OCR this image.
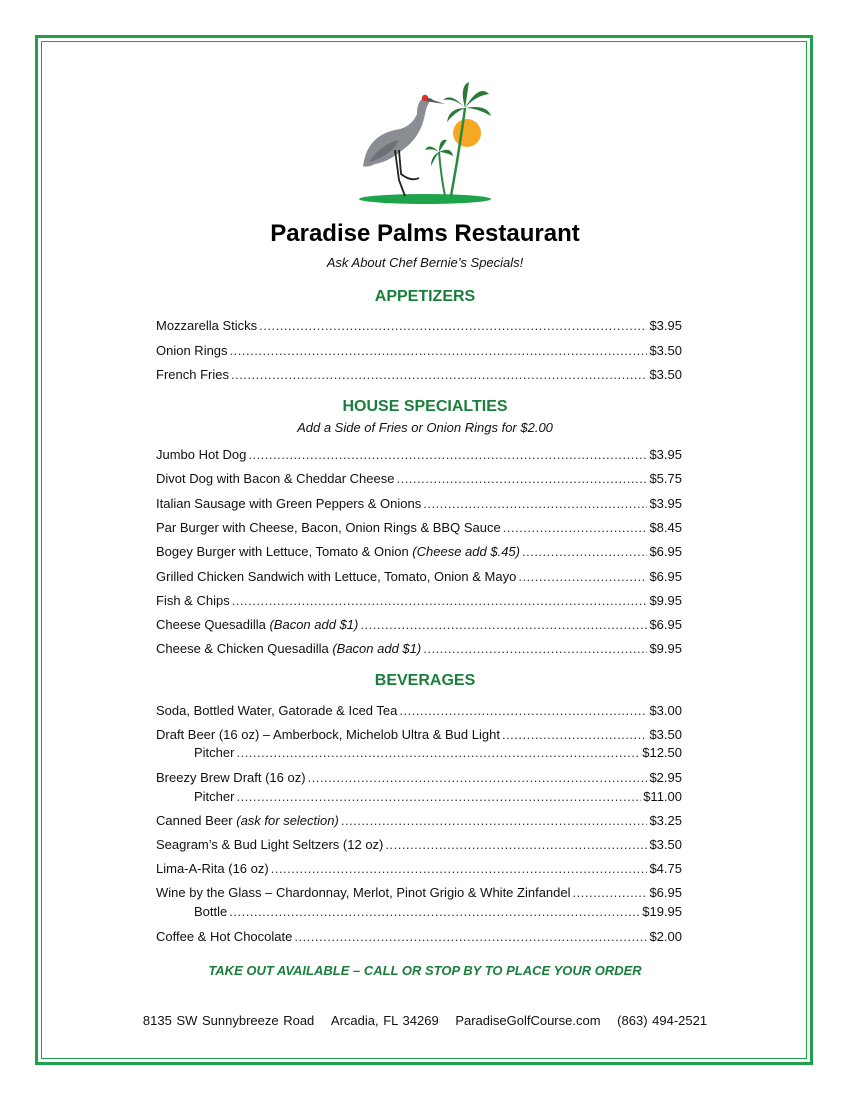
Paradise Palms Restaurant
Ask About Chef Bernie’s Specials!
APPETIZERS
Mozzarella Sticks .....	$3.95
Onion Rings .....	$3.50
French Fries .....	$3.50
HOUSE SPECIALTIES
Add a Side of Fries or Onion Rings for $2.00
Jumbo Hot Dog .....	$3.95
Divot Dog with Bacon & Cheddar Cheese .....	$5.75
Italian Sausage with Green Peppers & Onions .....	$3.95
Par Burger with Cheese, Bacon, Onion Rings & BBQ Sauce .....	$8.45
Bogey Burger with Lettuce, Tomato & Onion (Cheese add $.45) .....	$6.95
Grilled Chicken Sandwich with Lettuce, Tomato, Onion & Mayo .....	$6.95
Fish & Chips .....	$9.95
Cheese Quesadilla (Bacon add $1) .....	$6.95
Cheese & Chicken Quesadilla (Bacon add $1) .....	$9.95
BEVERAGES
Soda, Bottled Water, Gatorade & Iced Tea .....	$3.00
Draft Beer (16 oz) – Amberbock, Michelob Ultra & Bud Light .....	$3.50
Pitcher .....	$12.50
Breezy Brew Draft (16 oz) .....	$2.95
Pitcher .....	$11.00
Canned Beer (ask for selection) .....	$3.25
Seagram’s & Bud Light Seltzers (12 oz) .....	$3.50
Lima-A-Rita (16 oz) .....	$4.75
Wine by the Glass – Chardonnay, Merlot, Pinot Grigio & White Zinfandel .....	$6.95
Bottle .....	$19.95
Coffee & Hot Chocolate .....	$2.00
TAKE OUT AVAILABLE – CALL OR STOP BY TO PLACE YOUR ORDER
8135 SW Sunnybreeze Road Arcadia, FL 34269 ParadiseGolfCourse.com (863) 494-2521
